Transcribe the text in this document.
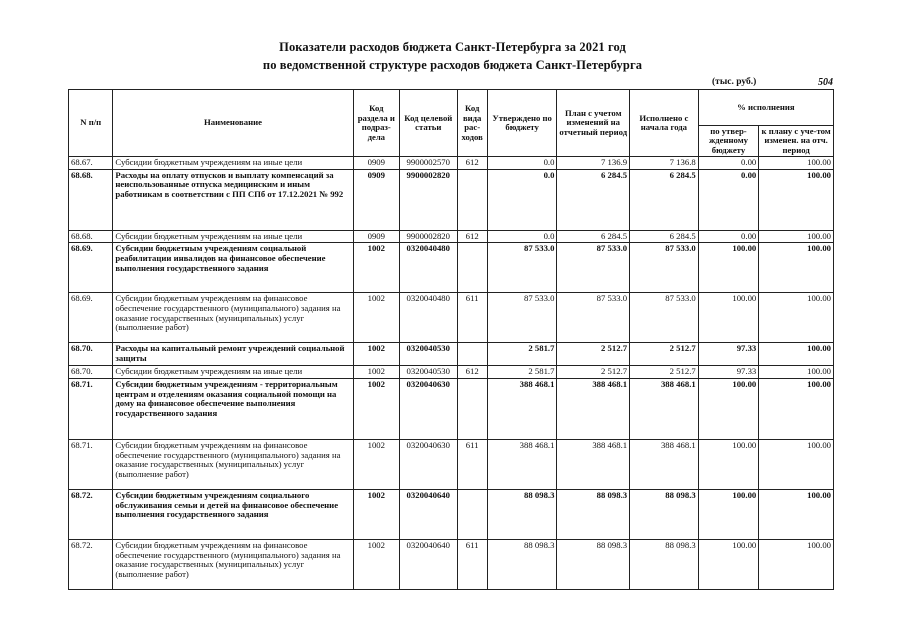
Показатели расходов бюджета Санкт-Петербурга за 2021 год
по ведомственной структуре расходов бюджета Санкт-Петербурга
(тыс. руб.)	504
N п/п	Наименование	Код раздела и подраз-дела	Код целевой статьи	Код вида рас-ходов	Утверждено по бюджету	План с учетом изменений на отчетный период	Исполнено с начала года	% исполнения	
								по утвер-жденному бюджету	к плану с уче-том изменен. на отч. период
68.67.	Субсидии бюджетным учреждениям на иные цели	0909	9900002570	612	0.0	7 136.9	7 136.8	0.00	100.00
68.68.	Расходы на оплату отпусков и выплату компенсаций за неиспользованные отпуска медицинским и иным работникам в соответствии с ПП СПб от 17.12.2021 № 992	0909	9900002820		0.0	6 284.5	6 284.5	0.00	100.00
68.68.	Субсидии бюджетным учреждениям на иные цели	0909	9900002820	612	0.0	6 284.5	6 284.5	0.00	100.00
68.69.	Субсидии бюджетным учреждениям социальной реабилитации инвалидов на финансовое обеспечение выполнения государственного задания	1002	0320040480		87 533.0	87 533.0	87 533.0	100.00	100.00
68.69.	Субсидии бюджетным учреждениям на финансовое обеспечение государственного (муниципального) задания на оказание государственных (муниципальных) услуг (выполнение работ)	1002	0320040480	611	87 533.0	87 533.0	87 533.0	100.00	100.00
68.70.	Расходы на капитальный ремонт учреждений социальной защиты	1002	0320040530		2 581.7	2 512.7	2 512.7	97.33	100.00
68.70.	Субсидии бюджетным учреждениям на иные цели	1002	0320040530	612	2 581.7	2 512.7	2 512.7	97.33	100.00
68.71.	Субсидии бюджетным учреждениям - территориальным центрам и отделениям оказания социальной помощи на дому на финансовое обеспечение выполнения государственного задания	1002	0320040630		388 468.1	388 468.1	388 468.1	100.00	100.00
68.71.	Субсидии бюджетным учреждениям на финансовое обеспечение государственного (муниципального) задания на оказание государственных (муниципальных) услуг (выполнение работ)	1002	0320040630	611	388 468.1	388 468.1	388 468.1	100.00	100.00
68.72.	Субсидии бюджетным учреждениям социального обслуживания семьи и детей на финансовое обеспечение выполнения государственного задания	1002	0320040640		88 098.3	88 098.3	88 098.3	100.00	100.00
68.72.	Субсидии бюджетным учреждениям на финансовое обеспечение государственного (муниципального) задания на оказание государственных (муниципальных) услуг (выполнение работ)	1002	0320040640	611	88 098.3	88 098.3	88 098.3	100.00	100.00
